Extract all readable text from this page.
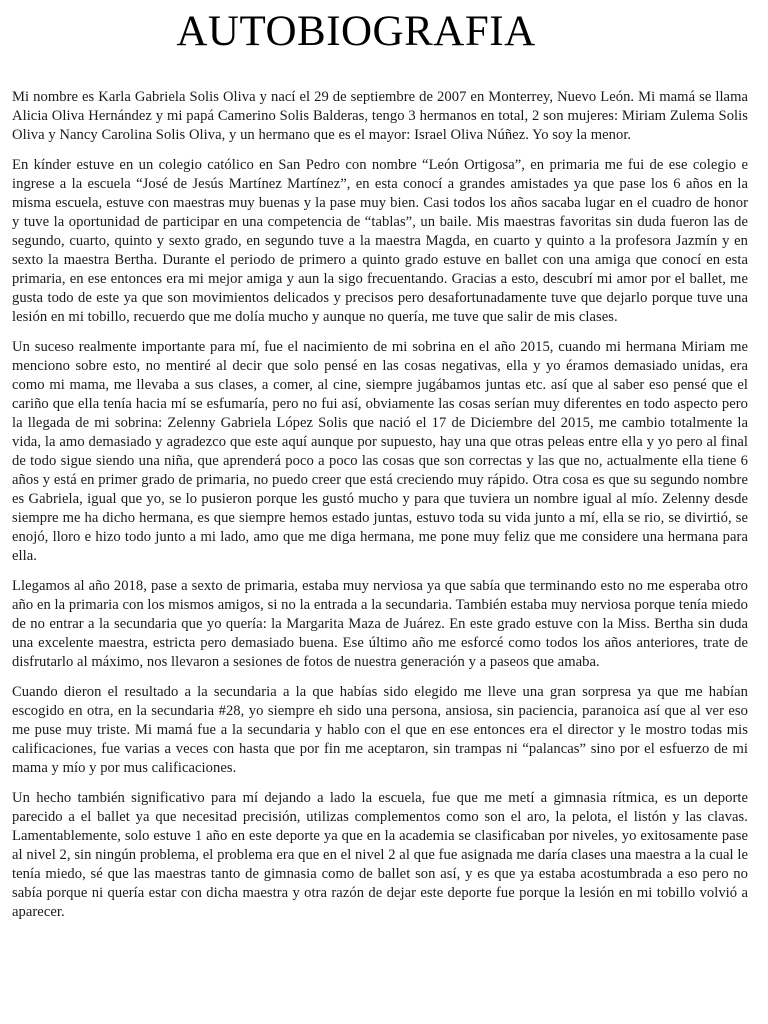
AUTOBIOGRAFIA

Mi nombre es Karla Gabriela Solis Oliva y nací el 29 de septiembre de 2007 en Monterrey, Nuevo León. Mi mamá se llama Alicia Oliva Hernández y mi papá Camerino Solis Balderas, tengo 3 hermanos en total, 2 son mujeres: Miriam Zulema Solis Oliva y Nancy Carolina Solis Oliva, y un hermano que es el mayor: Israel Oliva Núñez. Yo soy la menor.

En kínder estuve en un colegio católico en San Pedro con nombre “León Ortigosa”, en primaria me fui de ese colegio e ingrese a la escuela “José de Jesús Martínez Martínez”, en esta conocí a grandes amistades ya que pase los 6 años en la misma escuela, estuve con maestras muy buenas y la pase muy bien. Casi todos los años sacaba lugar en el cuadro de honor y tuve la oportunidad de participar en una competencia de “tablas”, un baile. Mis maestras favoritas sin duda fueron las de segundo, cuarto, quinto y sexto grado, en segundo tuve a la maestra Magda, en cuarto y quinto a la profesora Jazmín y en sexto la maestra Bertha. Durante el periodo de primero a quinto grado estuve en ballet con una amiga que conocí en esta primaria, en ese entonces era mi mejor amiga y aun la sigo frecuentando. Gracias a esto, descubrí mi amor por el ballet, me gusta todo de este ya que son movimientos delicados y precisos pero desafortunadamente tuve que dejarlo porque tuve una lesión en mi tobillo, recuerdo que me dolía mucho y aunque no quería, me tuve que salir de mis clases.

Un suceso realmente importante para mí, fue el nacimiento de mi sobrina en el año 2015, cuando mi hermana Miriam me menciono sobre esto, no mentiré al decir que solo pensé en las cosas negativas, ella y yo éramos demasiado unidas, era como mi mama, me llevaba a sus clases, a comer, al cine, siempre jugábamos juntas etc. así que al saber eso pensé que el cariño que ella tenía hacia mí se esfumaría, pero no fui así, obviamente las cosas serían muy diferentes en todo aspecto pero la llegada de mi sobrina: Zelenny Gabriela López Solis que nació el 17 de Diciembre del 2015, me cambio totalmente la vida, la amo demasiado y agradezco que este aquí aunque por supuesto, hay una que otras peleas entre ella y yo pero al final de todo sigue siendo una niña, que aprenderá poco a poco las cosas que son correctas y las que no, actualmente ella tiene 6 años y está en primer grado de primaria, no puedo creer que está creciendo muy rápido. Otra cosa es que su segundo nombre es Gabriela, igual que yo, se lo pusieron porque les gustó mucho y para que tuviera un nombre igual al mío. Zelenny desde siempre me ha dicho hermana, es que siempre hemos estado juntas, estuvo toda su vida junto a mí, ella se rio, se divirtió, se enojó, lloro e hizo todo junto a mi lado, amo que me diga hermana, me pone muy feliz que me considere una hermana para ella.

Llegamos al año 2018, pase a sexto de primaria, estaba muy nerviosa ya que sabía que terminando esto no me esperaba otro año en la primaria con los mismos amigos, si no la entrada a la secundaria. También estaba muy nerviosa porque tenía miedo de no entrar a la secundaria que yo quería: la Margarita Maza de Juárez. En este grado estuve con la Miss. Bertha sin duda una excelente maestra, estricta pero demasiado buena. Ese último año me esforcé como todos los años anteriores, trate de disfrutarlo al máximo, nos llevaron a sesiones de fotos de nuestra generación y a paseos que amaba.

Cuando dieron el resultado a la secundaria a la que habías sido elegido me lleve una gran sorpresa ya que me habían escogido en otra, en la secundaria #28, yo siempre eh sido una persona, ansiosa, sin paciencia, paranoica así que al ver eso me puse muy triste. Mi mamá fue a la secundaria y hablo con el que en ese entonces era el director y le mostro todas mis calificaciones, fue varias a veces con hasta que por fin me aceptaron, sin trampas ni “palancas” sino por el esfuerzo de mi mama y mío y por mus calificaciones.

Un hecho también significativo para mí dejando a lado la escuela, fue que me metí a gimnasia rítmica, es un deporte parecido a el ballet ya que necesitad precisión, utilizas complementos como son el aro, la pelota, el listón y las clavas. Lamentablemente, solo estuve 1 año en este deporte ya que en la academia se clasificaban por niveles, yo exitosamente pase al nivel 2, sin ningún problema, el problema era que en el nivel 2 al que fue asignada me daría clases una maestra a la cual le tenía miedo, sé que las maestras tanto de gimnasia como de ballet son así, y es que ya estaba acostumbrada a eso pero no sabía porque ni quería estar con dicha maestra y otra razón de dejar este deporte fue porque la lesión en mi tobillo volvió a aparecer.
